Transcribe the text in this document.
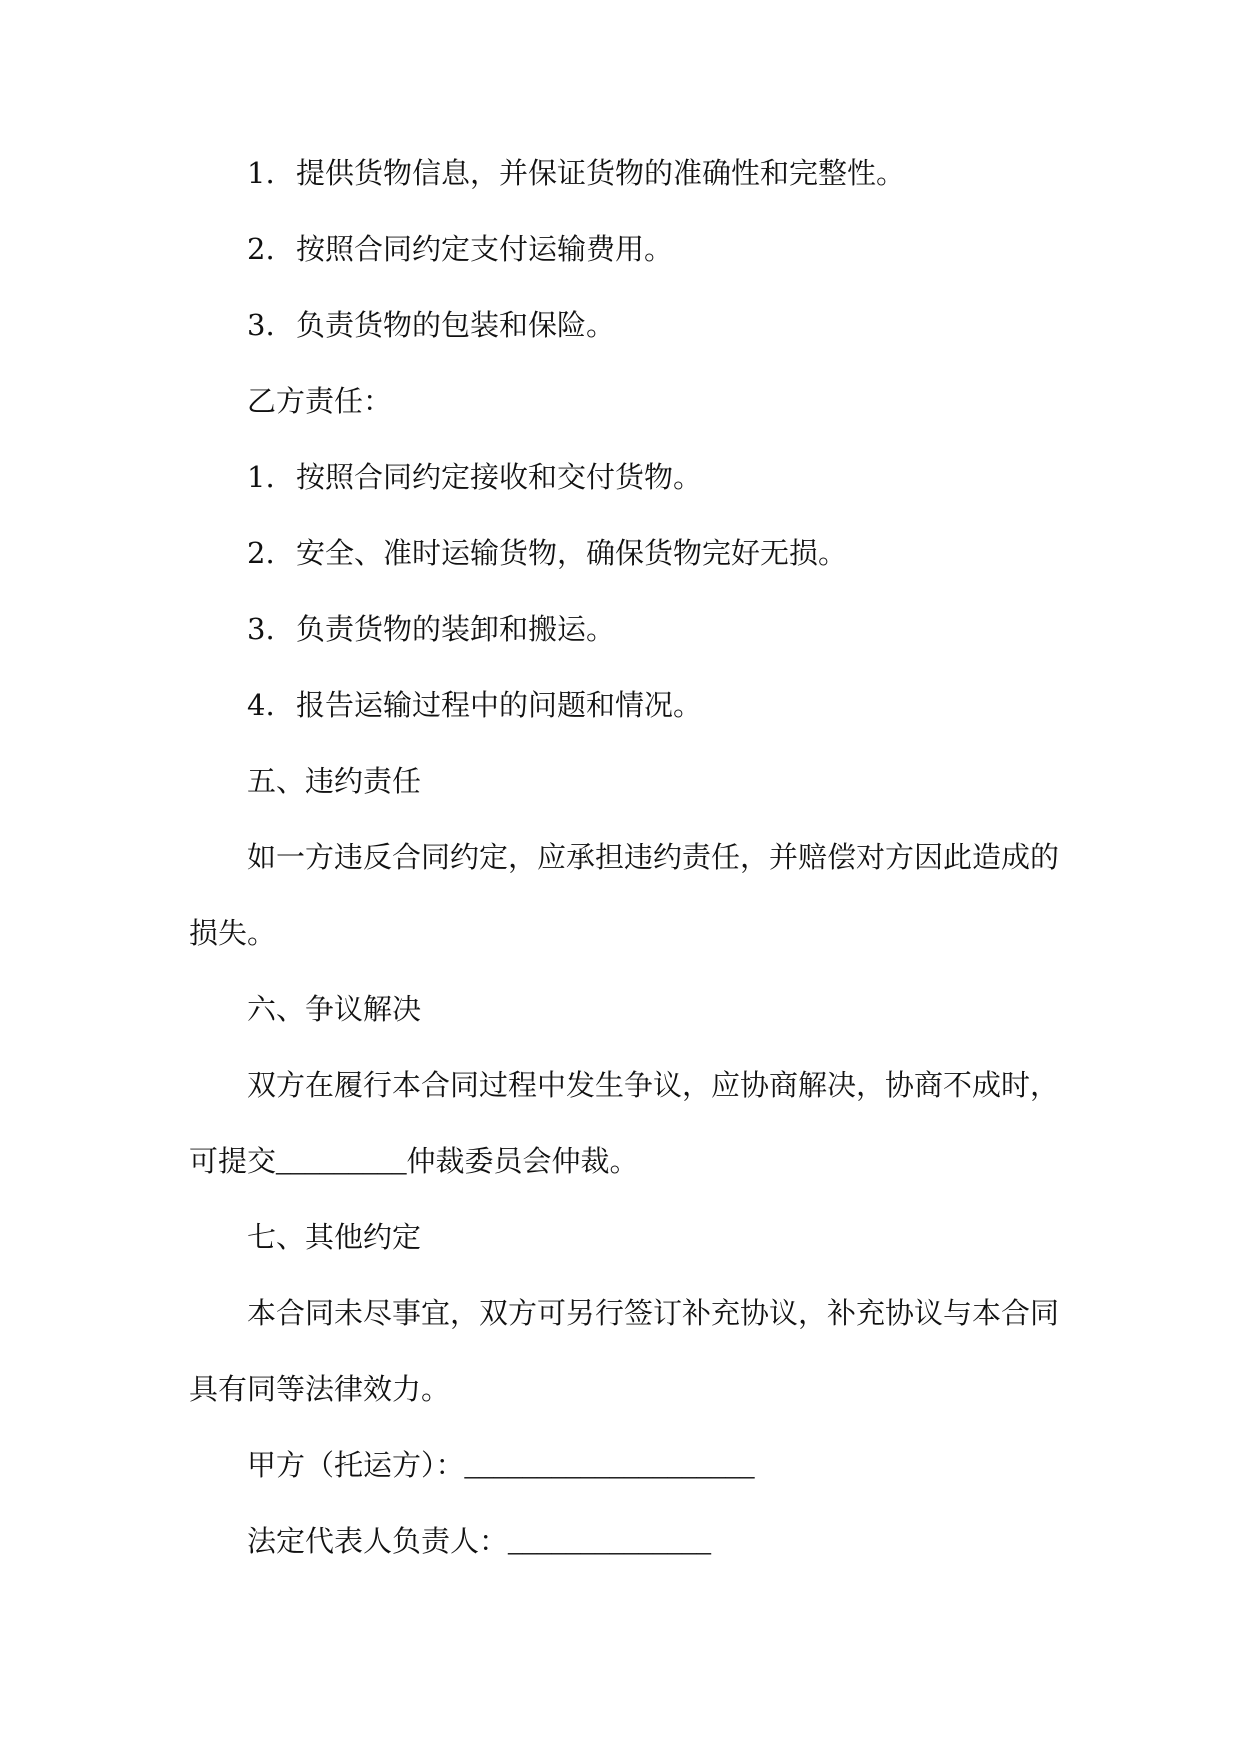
1. 提供货物信息，并保证货物的准确性和完整性。
2. 按照合同约定支付运输费用。
3. 负责货物的包装和保险。
乙方责任：
1. 按照合同约定接收和交付货物。
2. 安全、准时运输货物，确保货物完好无损。
3. 负责货物的装卸和搬运。
4. 报告运输过程中的问题和情况。
五、违约责任
如一方违反合同约定，应承担违约责任，并赔偿对方因此造成的
损失。
六、争议解决
双方在履行本合同过程中发生争议，应协商解决，协商不成时，
可提交_________仲裁委员会仲裁。
七、其他约定
本合同未尽事宜，双方可另行签订补充协议，补充协议与本合同
具有同等法律效力。
甲方（托运方）：____________________
法定代表人负责人：______________
